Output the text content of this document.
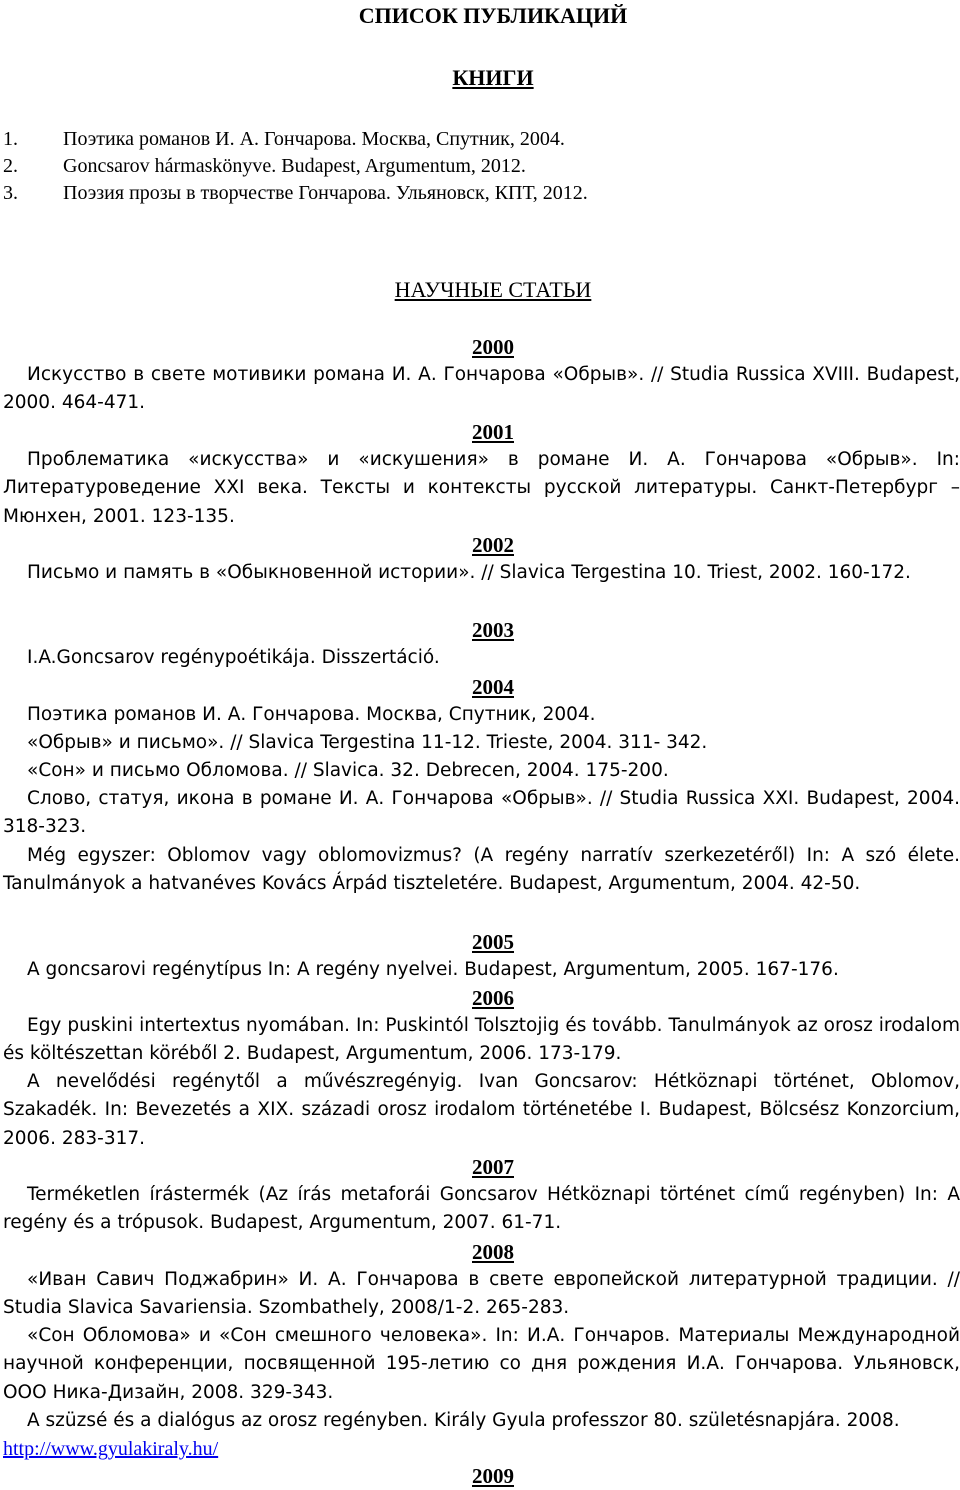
СПИСОК ПУБЛИКАЦИЙ
КНИГИ
1. Поэтика романов И. А. Гончарова. Москва, Спутник, 2004.
2. Goncsarov hármaskönyve. Budapest, Argumentum, 2012.
3. Поэзия прозы в творчестве Гончарова. Ульяновск, КПТ, 2012.
НАУЧНЫЕ СТАТЬИ
2000
Искусство в свете мотивики романа И. А. Гончарова «Обрыв». // Studia Russica XVIII. Budapest, 2000. 464-471.
2001
Проблематика «искусства» и «искушения» в романе И. А. Гончарова «Обрыв». In: Литературоведение XXI века. Тексты и контексты русской литературы. Санкт-Петербург – Мюнхен, 2001. 123-135.
2002
Письмо и память в «Обыкновенной истории». // Slavica Tergestina 10. Triest, 2002. 160-172.
2003
I.A.Goncsarov regénypoétikája. Disszertáció.
2004
Поэтика романов И. А. Гончарова. Москва, Спутник, 2004.
«Обрыв» и письмо». // Slavica Tergestina 11-12. Trieste, 2004. 311- 342.
«Сон» и письмо Обломова. // Slavica. 32. Debrecen, 2004. 175-200.
Слово, статуя, икона в романе И. А. Гончарова «Обрыв». // Studia Russica XXI. Budapest, 2004. 318-323.
Még egyszer: Oblomov vagy oblomovizmus? (A regény narratív szerkezetéről) In: A szó élete. Tanulmányok a hatvanéves Kovács Árpád tiszteletére. Budapest, Argumentum, 2004. 42-50.
2005
A goncsarovi regénytípus In: A regény nyelvei. Budapest, Argumentum, 2005. 167-176.
2006
Egy puskini intertextus nyomában. In: Puskintól Tolsztojig és tovább. Tanulmányok az orosz irodalom és költészettan köréből 2. Budapest, Argumentum, 2006. 173-179.
A nevelődési regénytől a művészregényig. Ivan Goncsarov: Hétköznapi történet, Oblomov, Szakadék. In: Bevezetés a XIX. századi orosz irodalom történetébe I. Budapest, Bölcsész Konzorcium, 2006. 283-317.
2007
Terméketlen írástermék (Az írás metaforái Goncsarov Hétköznapi történet című regényben) In: A regény és a trópusok. Budapest, Argumentum, 2007. 61-71.
2008
«Иван Савич Поджабрин» И. А. Гончарова в свете европейской литературной традиции. // Studia Slavica Savariensia. Szombathely, 2008/1-2. 265-283.
«Сон Обломова» и «Сон смешного человека». In: И.А. Гончаров. Материалы Международной научной конференции, посвященной 195-летию со дня рождения И.А. Гончарова. Ульяновск, ООО Ника-Дизайн, 2008. 329-343.
A szüzsé és a dialógus az orosz regényben. Király Gyula professzor 80. születésnapjára. 2008.
http://www.gyulakiraly.hu/
2009
